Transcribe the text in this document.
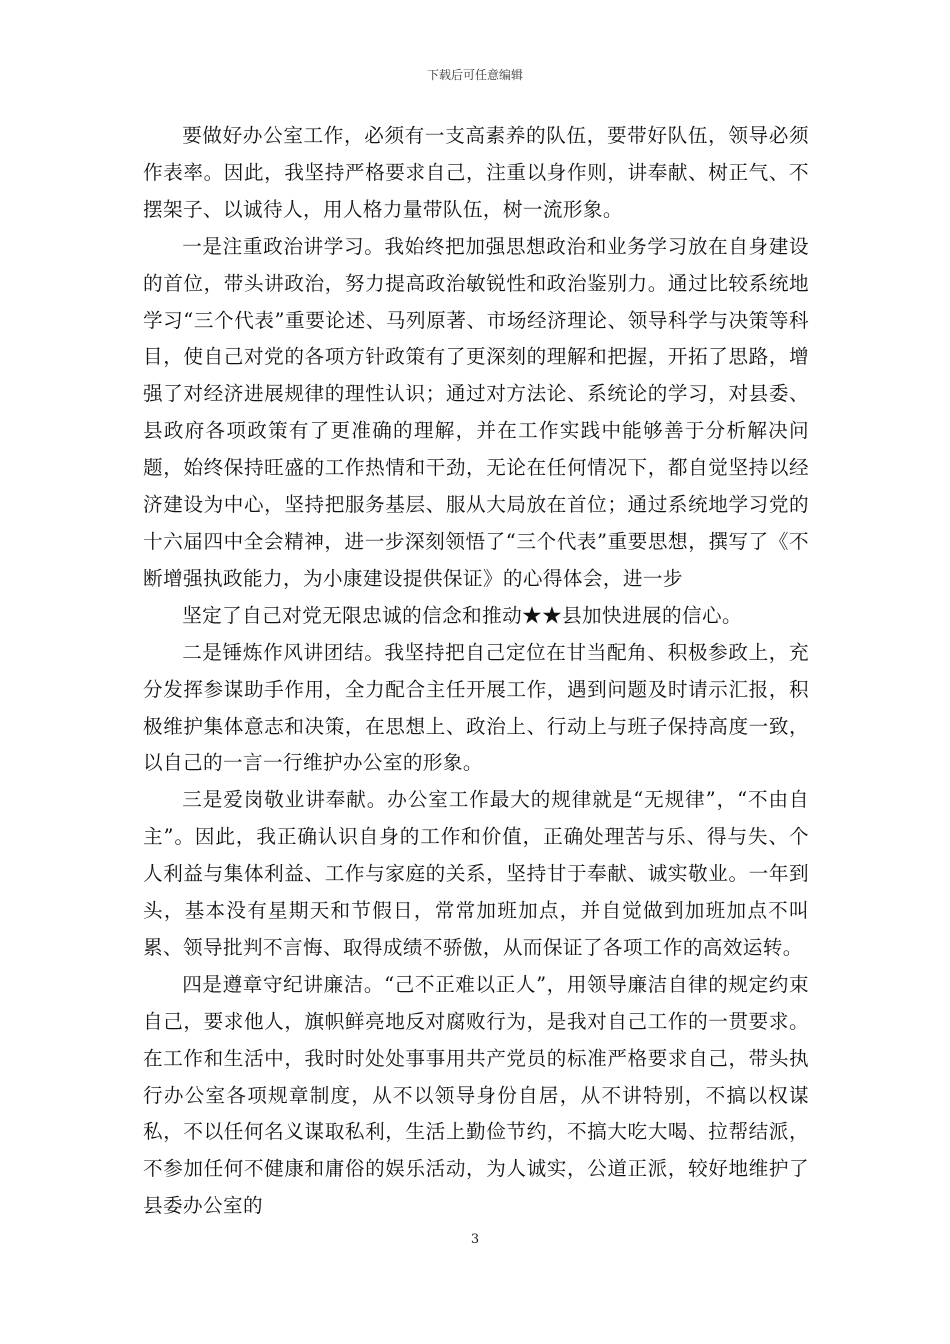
下载后可任意编辑

要做好办公室工作，必须有一支高素养的队伍，要带好队伍，领导必须作表率。因此，我坚持严格要求自己，注重以身作则，讲奉献、树正气、不摆架子、以诚待人，用人格力量带队伍，树一流形象。

一是注重政治讲学习。我始终把加强思想政治和业务学习放在自身建设的首位，带头讲政治，努力提高政治敏锐性和政治鉴别力。通过比较系统地学习“三个代表”重要论述、马列原著、市场经济理论、领导科学与决策等科目，使自己对党的各项方针政策有了更深刻的理解和把握，开拓了思路，增强了对经济进展规律的理性认识；通过对方法论、系统论的学习，对县委、县政府各项政策有了更准确的理解，并在工作实践中能够善于分析解决问题，始终保持旺盛的工作热情和干劲，无论在任何情况下，都自觉坚持以经济建设为中心，坚持把服务基层、服从大局放在首位；通过系统地学习党的十六届四中全会精神，进一步深刻领悟了“三个代表”重要思想，撰写了《不断增强执政能力，为小康建设提供保证》的心得体会，进一步

坚定了自己对党无限忠诚的信念和推动★★县加快进展的信心。

二是锤炼作风讲团结。我坚持把自己定位在甘当配角、积极参政上，充分发挥参谋助手作用，全力配合主任开展工作，遇到问题及时请示汇报，积极维护集体意志和决策，在思想上、政治上、行动上与班子保持高度一致，以自己的一言一行维护办公室的形象。

三是爱岗敬业讲奉献。办公室工作最大的规律就是“无规律”，“不由自主”。因此，我正确认识自身的工作和价值，正确处理苦与乐、得与失、个人利益与集体利益、工作与家庭的关系，坚持甘于奉献、诚实敬业。一年到头，基本没有星期天和节假日，常常加班加点，并自觉做到加班加点不叫累、领导批判不言悔、取得成绩不骄傲，从而保证了各项工作的高效运转。

四是遵章守纪讲廉洁。“己不正难以正人”，用领导廉洁自律的规定约束自己，要求他人，旗帜鲜亮地反对腐败行为，是我对自己工作的一贯要求。在工作和生活中，我时时处处事事用共产党员的标准严格要求自己，带头执行办公室各项规章制度，从不以领导身份自居，从不讲特别，不搞以权谋私，不以任何名义谋取私利，生活上勤俭节约，不搞大吃大喝、拉帮结派，不参加任何不健康和庸俗的娱乐活动，为人诚实，公道正派，较好地维护了县委办公室的

3
